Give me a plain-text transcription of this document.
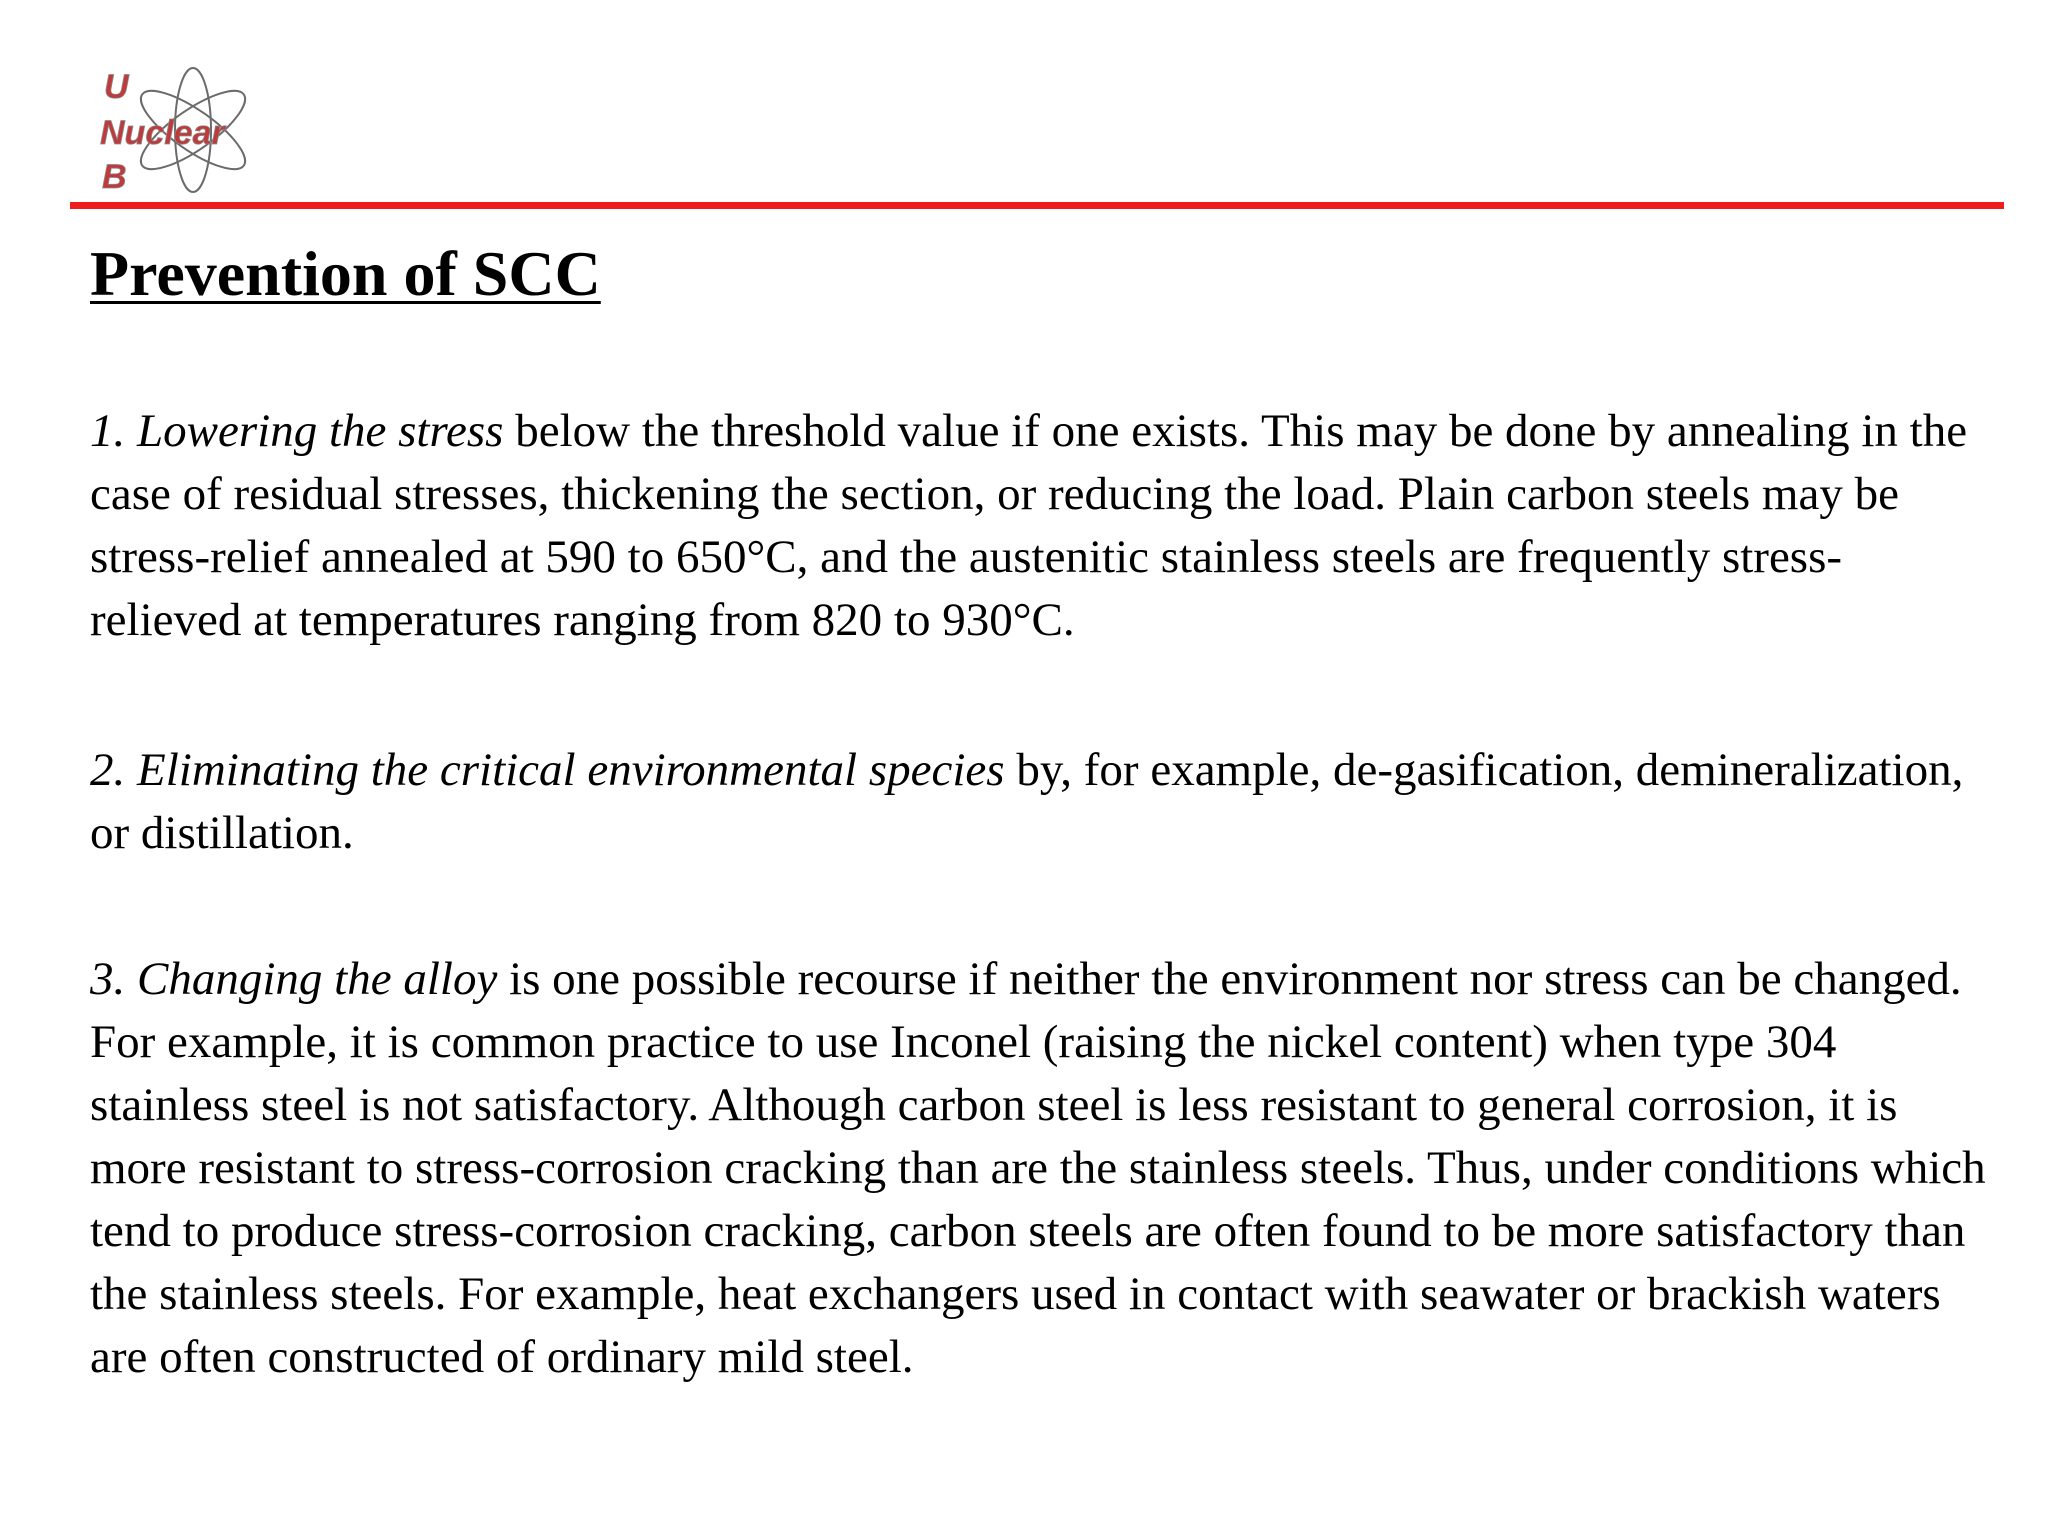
U
Nuclear
B
Prevention of SCC

1. Lowering the stress below the threshold value if one exists. This may be done by annealing in the case of residual stresses, thickening the section, or reducing the load. Plain carbon steels may be stress-relief annealed at 590 to 650°C, and the austenitic stainless steels are frequently stress-relieved at temperatures ranging from 820 to 930°C.

2. Eliminating the critical environmental species by, for example, de-gasification, demineralization, or distillation.

3. Changing the alloy is one possible recourse if neither the environment nor stress can be changed. For example, it is common practice to use Inconel (raising the nickel content) when type 304 stainless steel is not satisfactory. Although carbon steel is less resistant to general corrosion, it is more resistant to stress-corrosion cracking than are the stainless steels. Thus, under conditions which tend to produce stress-corrosion cracking, carbon steels are often found to be more satisfactory than the stainless steels. For example, heat exchangers used in contact with seawater or brackish waters are often constructed of ordinary mild steel.
